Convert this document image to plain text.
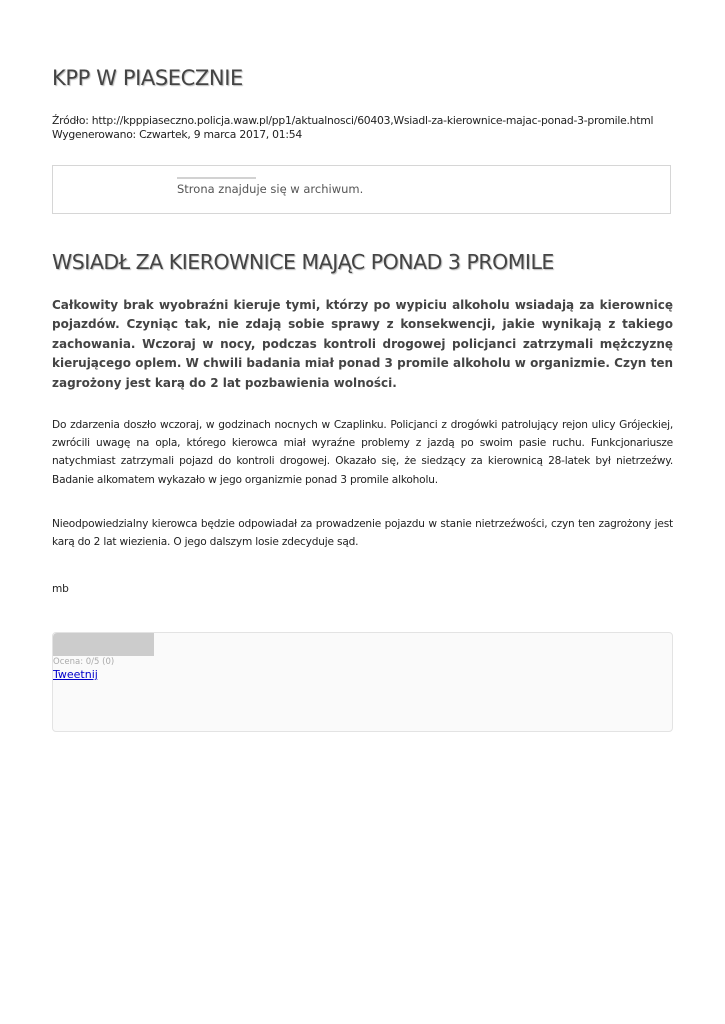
KPP W PIASECZNIE
Źródło: http://kpppiaseczno.policja.waw.pl/pp1/aktualnosci/60403,Wsiadl-za-kierownice-majac-ponad-3-promile.html
Wygenerowano: Czwartek, 9 marca 2017, 01:54
Strona znajduje się w archiwum.
WSIADŁ ZA KIEROWNICE MAJĄC PONAD 3 PROMILE

Całkowity brak wyobraźni kieruje tymi, którzy po wypiciu alkoholu wsiadają za kierownicę pojazdów. Czyniąc tak, nie zdają sobie sprawy z konsekwencji, jakie wynikają z takiego zachowania. Wczoraj w nocy, podczas kontroli drogowej policjanci zatrzymali mężczyznę kierującego oplem. W chwili badania miał ponad 3 promile alkoholu w organizmie. Czyn ten zagrożony jest karą do 2 lat pozbawienia wolności.

Do zdarzenia doszło wczoraj, w godzinach nocnych w Czaplinku. Policjanci z drogówki patrolujący rejon ulicy Grójeckiej, zwrócili uwagę na opla, którego kierowca miał wyraźne problemy z jazdą po swoim pasie ruchu. Funkcjonariusze natychmiast zatrzymali pojazd do kontroli drogowej. Okazało się, że siedzący za kierownicą 28-latek był nietrzeźwy. Badanie alkomatem wykazało w jego organizmie ponad 3 promile alkoholu.

Nieodpowiedzialny kierowca będzie odpowiadał za prowadzenie pojazdu w stanie nietrzeźwości, czyn ten zagrożony jest karą do 2 lat wiezienia. O jego dalszym losie zdecyduje sąd.

mb

Ocena: 0/5 (0)
Tweetnij
